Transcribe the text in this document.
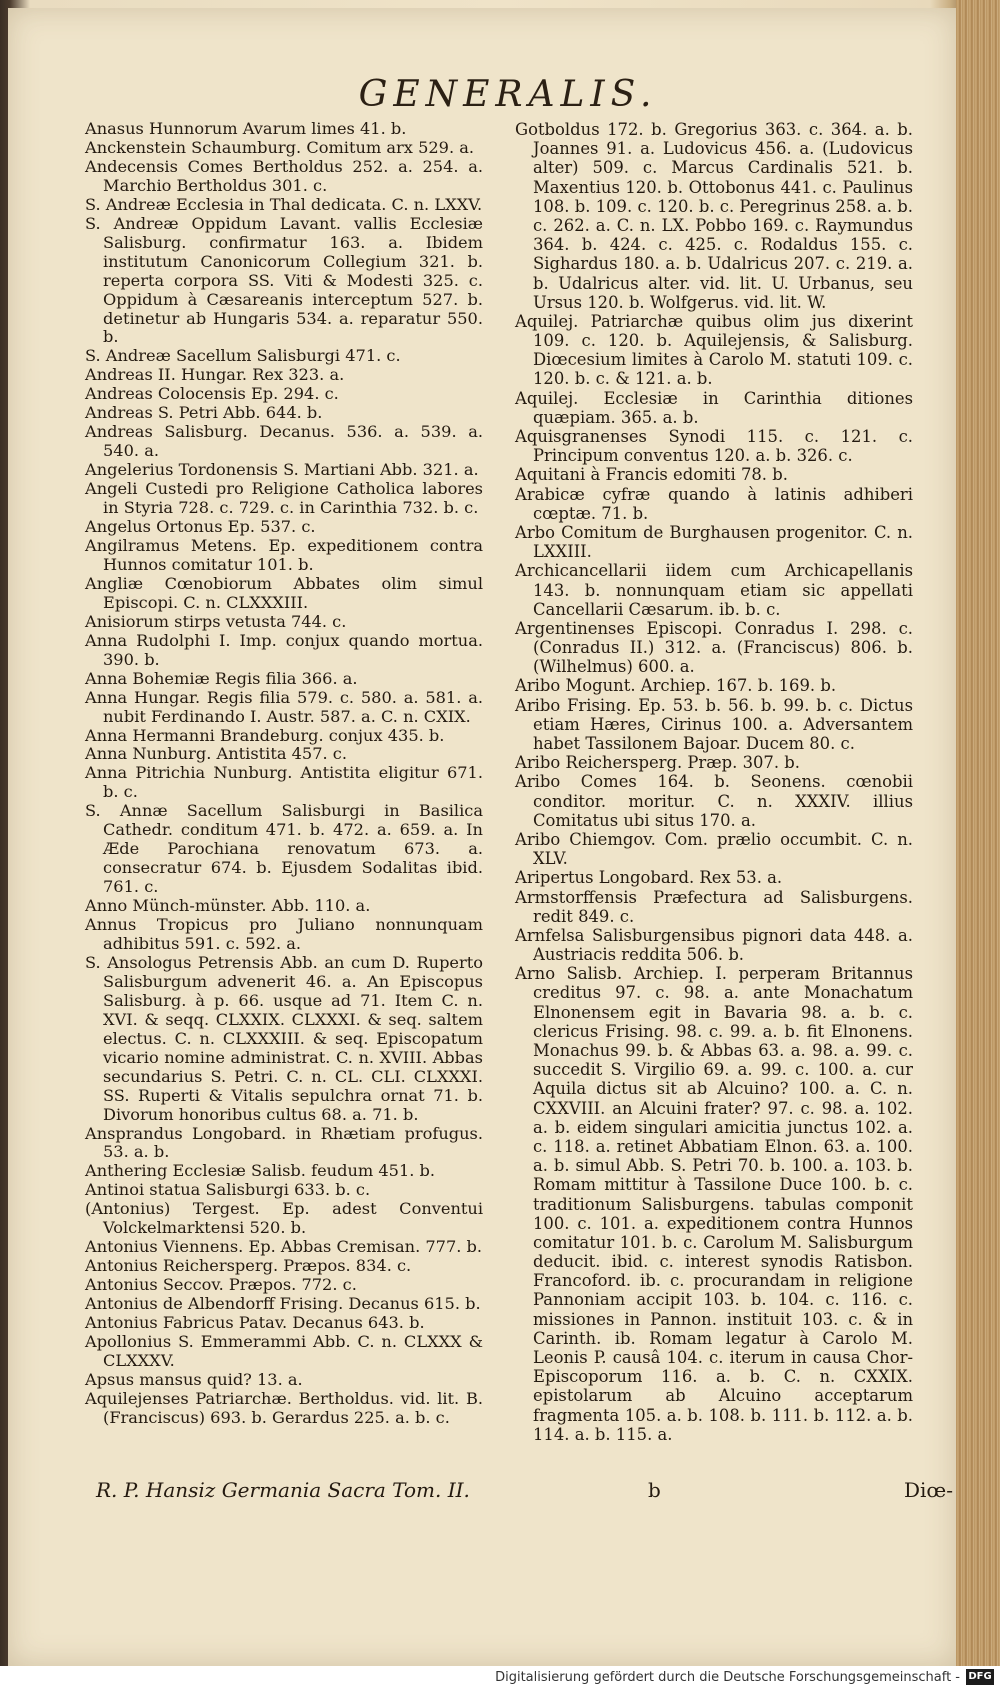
GENERALIS.

Anasus Hunnorum Avarum limes 41. b.

Anckenstein Schaumburg. Comitum arx 529. a.

Andecensis Comes Bertholdus 252. a. 254. a. Marchio Bertholdus 301. c.

S. Andreæ Ecclesia in Thal dedicata. C. n. LXXV.

S. Andreæ Oppidum Lavant. vallis Ecclesiæ Salisburg. confirmatur 163. a. Ibidem institutum Canonicorum Collegium 321. b. reperta corpora SS. Viti & Modesti 325. c. Oppidum à Cæsareanis interceptum 527. b. detinetur ab Hungaris 534. a. reparatur 550. b.

S. Andreæ Sacellum Salisburgi 471. c.

Andreas II. Hungar. Rex 323. a.

Andreas Colocensis Ep. 294. c.

Andreas S. Petri Abb. 644. b.

Andreas Salisburg. Decanus. 536. a. 539. a. 540. a.

Angelerius Tordonensis S. Martiani Abb. 321. a.

Angeli Custedi pro Religione Catholica labores in Styria 728. c. 729. c. in Carinthia 732. b. c.

Angelus Ortonus Ep. 537. c.

Angilramus Metens. Ep. expeditionem contra Hunnos comitatur 101. b.

Angliæ Cœnobiorum Abbates olim simul Episcopi. C. n. CLXXXIII.

Anisiorum stirps vetusta 744. c.

Anna Rudolphi I. Imp. conjux quando mortua. 390. b.

Anna Bohemiæ Regis filia 366. a.

Anna Hungar. Regis filia 579. c. 580. a. 581. a. nubit Ferdinando I. Austr. 587. a. C. n. CXIX.

Anna Hermanni Brandeburg. conjux 435. b.

Anna Nunburg. Antistita 457. c.

Anna Pitrichia Nunburg. Antistita eligitur 671. b. c.

S. Annæ Sacellum Salisburgi in Basilica Cathedr. conditum 471. b. 472. a. 659. a. In Æde Parochiana renovatum 673. a. consecratur 674. b. Ejusdem Sodalitas ibid. 761. c.

Anno Münch-münster. Abb. 110. a.

Annus Tropicus pro Juliano nonnunquam adhibitus 591. c. 592. a.

S. Ansologus Petrensis Abb. an cum D. Ruperto Salisburgum advenerit 46. a. An Episcopus Salisburg. à p. 66. usque ad 71. Item C. n. XVI. & seqq. CLXXIX. CLXXXI. & seq. saltem electus. C. n. CLXXXIII. & seq. Episcopatum vicario nomine administrat. C. n. XVIII. Abbas secundarius S. Petri. C. n. CL. CLI. CLXXXI. SS. Ruperti & Vitalis sepulchra ornat 71. b. Divorum honoribus cultus 68. a. 71. b.

Ansprandus Longobard. in Rhætiam profugus. 53. a. b.

Anthering Ecclesiæ Salisb. feudum 451. b.

Antinoi statua Salisburgi 633. b. c.

(Antonius) Tergest. Ep. adest Conventui Volckelmarktensi 520. b.

Antonius Viennens. Ep. Abbas Cremisan. 777. b.

Antonius Reichersperg. Præpos. 834. c.

Antonius Seccov. Præpos. 772. c.

Antonius de Albendorff Frising. Decanus 615. b.

Antonius Fabricus Patav. Decanus 643. b.

Apollonius S. Emmerammi Abb. C. n. CLXXX & CLXXXV.

Apsus mansus quid? 13. a.

Aquilejenses Patriarchæ. Bertholdus. vid. lit. B. (Franciscus) 693. b. Gerardus 225. a. b. c.

Gotboldus 172. b. Gregorius 363. c. 364. a. b. Joannes 91. a. Ludovicus 456. a. (Ludovicus alter) 509. c. Marcus Cardinalis 521. b. Maxentius 120. b. Ottobonus 441. c. Paulinus 108. b. 109. c. 120. b. c. Peregrinus 258. a. b. c. 262. a. C. n. LX. Pobbo 169. c. Raymundus 364. b. 424. c. 425. c. Rodaldus 155. c. Sighardus 180. a. b. Udalricus 207. c. 219. a. b. Udalricus alter. vid. lit. U. Urbanus, seu Ursus 120. b. Wolfgerus. vid. lit. W.

Aquilej. Patriarchæ quibus olim jus dixerint 109. c. 120. b. Aquilejensis, & Salisburg. Diœcesium limites à Carolo M. statuti 109. c. 120. b. c. & 121. a. b.

Aquilej. Ecclesiæ in Carinthia ditiones quæpiam. 365. a. b.

Aquisgranenses Synodi 115. c. 121. c. Principum conventus 120. a. b. 326. c.

Aquitani à Francis edomiti 78. b.

Arabicæ cyfræ quando à latinis adhiberi cœptæ. 71. b.

Arbo Comitum de Burghausen progenitor. C. n. LXXIII.

Archicancellarii iidem cum Archicapellanis 143. b. nonnunquam etiam sic appellati Cancellarii Cæsarum. ib. b. c.

Argentinenses Episcopi. Conradus I. 298. c. (Conradus II.) 312. a. (Franciscus) 806. b. (Wilhelmus) 600. a.

Aribo Mogunt. Archiep. 167. b. 169. b.

Aribo Frising. Ep. 53. b. 56. b. 99. b. c. Dictus etiam Hæres, Cirinus 100. a. Adversantem habet Tassilonem Bajoar. Ducem 80. c.

Aribo Reichersperg. Præp. 307. b.

Aribo Comes 164. b. Seonens. cœnobii conditor. moritur. C. n. XXXIV. illius Comitatus ubi situs 170. a.

Aribo Chiemgov. Com. prælio occumbit. C. n. XLV.

Aripertus Longobard. Rex 53. a.

Armstorffensis Præfectura ad Salisburgens. redit 849. c.

Arnfelsa Salisburgensibus pignori data 448. a. Austriacis reddita 506. b.

Arno Salisb. Archiep. I. perperam Britannus creditus 97. c. 98. a. ante Monachatum Elnonensem egit in Bavaria 98. a. b. c. clericus Frising. 98. c. 99. a. b. fit Elnonens. Monachus 99. b. & Abbas 63. a. 98. a. 99. c. succedit S. Virgilio 69. a. 99. c. 100. a. cur Aquila dictus sit ab Alcuino? 100. a. C. n. CXXVIII. an Alcuini frater? 97. c. 98. a. 102. a. b. eidem singulari amicitia junctus 102. a. c. 118. a. retinet Abbatiam Elnon. 63. a. 100. a. b. simul Abb. S. Petri 70. b. 100. a. 103. b. Romam mittitur à Tassilone Duce 100. b. c. traditionum Salisburgens. tabulas componit 100. c. 101. a. expeditionem contra Hunnos comitatur 101. b. c. Carolum M. Salisburgum deducit. ibid. c. interest synodis Ratisbon. Francoford. ib. c. procurandam in religione Pannoniam accipit 103. b. 104. c. 116. c. missiones in Pannon. instituit 103. c. & in Carinth. ib. Romam legatur à Carolo M. Leonis P. causâ 104. c. iterum in causa Chor-Episcoporum 116. a. b. C. n. CXXIX. epistolarum ab Alcuino acceptarum fragmenta 105. a. b. 108. b. 111. b. 112. a. b. 114. a. b. 115. a.

R. P. Hansiz Germania Sacra Tom. II.	b	Diœ-
Digitalisierung gefördert durch die Deutsche Forschungsgemeinschaft - DFG
